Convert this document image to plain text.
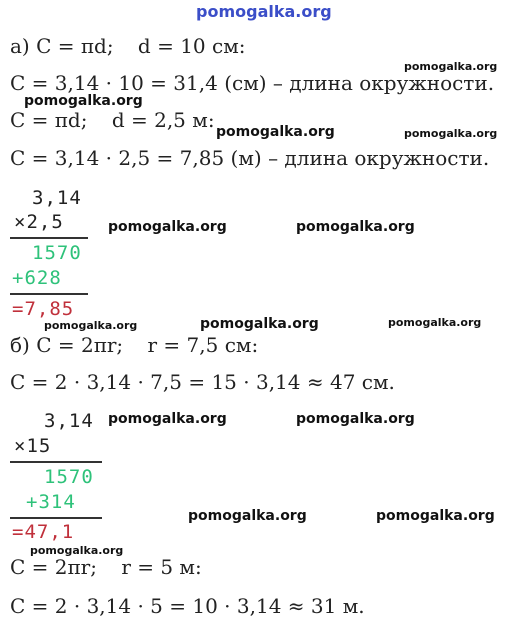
pomogalka.org
а) C = πd; d = 10 см:
pomogalka.org
C = 3,14 · 10 = 31,4 (см) – длина окружности.
pomogalka.org
C = πd; d = 2,5 м: pomogalka.org	pomogalka.org
C = 3,14 · 2,5 = 7,85 (м) – длина окружности.
3,14
×2,5
1570
+628
=7,85
pomogalka.org	pomogalka.org
pomogalka.org	pomogalka.org	pomogalka.org
б) C = 2πr; r = 7,5 см:
C = 2 · 3,14 · 7,5 = 15 · 3,14 ≈ 47 см.
3,14
×15
pomogalka.org	pomogalka.org
1570
+314
=47,1
pomogalka.org	pomogalka.org
pomogalka.org
C = 2πr; r = 5 м:
C = 2 · 3,14 · 5 = 10 · 3,14 ≈ 31 м.
